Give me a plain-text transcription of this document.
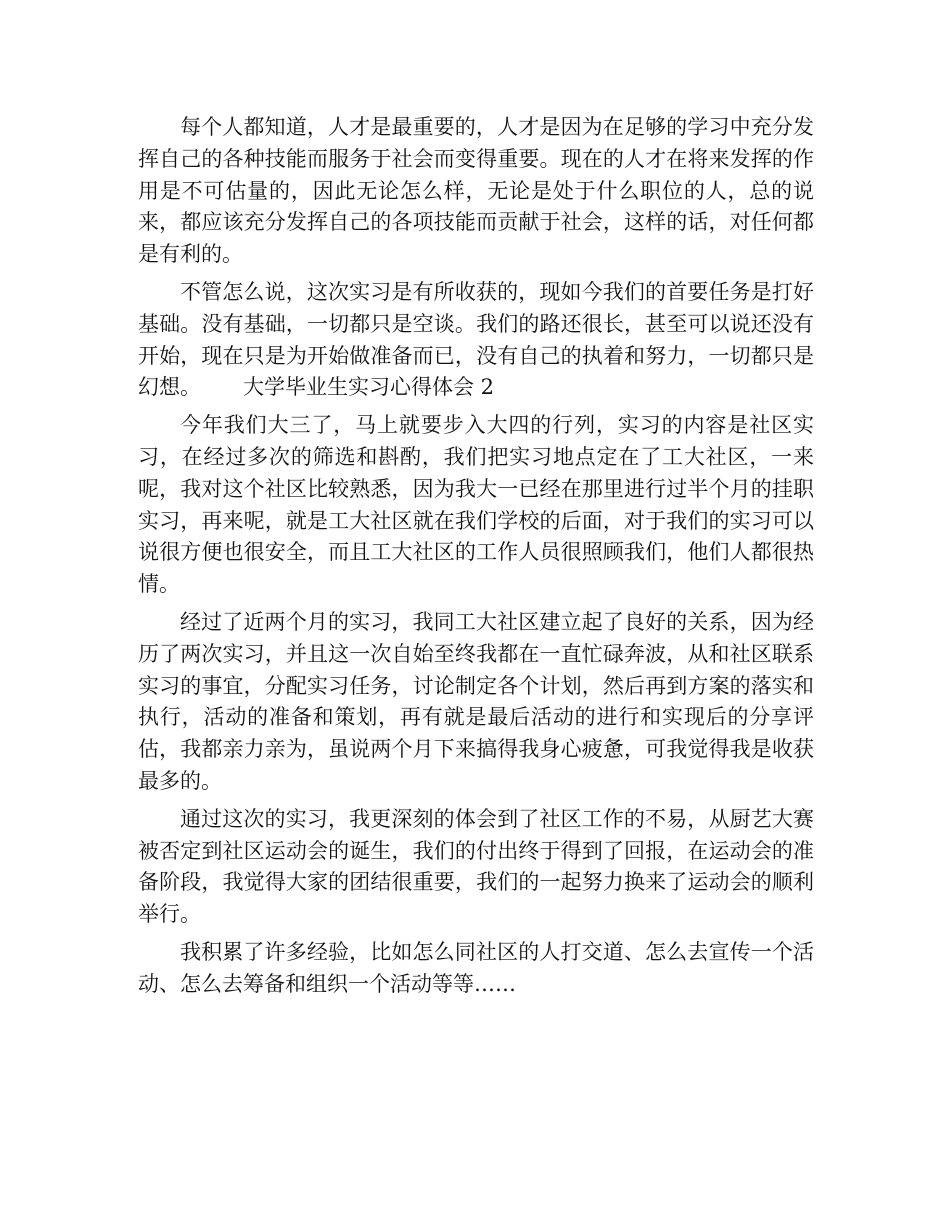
每个人都知道，人才是最重要的，人才是因为在足够的学习中充分发挥自己的各种技能而服务于社会而变得重要。现在的人才在将来发挥的作用是不可估量的，因此无论怎么样，无论是处于什么职位的人，总的说来，都应该充分发挥自己的各项技能而贡献于社会，这样的话，对任何都是有利的。

不管怎么说，这次实习是有所收获的，现如今我们的首要任务是打好基础。没有基础，一切都只是空谈。我们的路还很长，甚至可以说还没有开始，现在只是为开始做准备而已，没有自己的执着和努力，一切都只是幻想。 大学毕业生实习心得体会 2

今年我们大三了，马上就要步入大四的行列，实习的内容是社区实习，在经过多次的筛选和斟酌，我们把实习地点定在了工大社区，一来呢，我对这个社区比较熟悉，因为我大一已经在那里进行过半个月的挂职实习，再来呢，就是工大社区就在我们学校的后面，对于我们的实习可以说很方便也很安全，而且工大社区的工作人员很照顾我们，他们人都很热情。

经过了近两个月的实习，我同工大社区建立起了良好的关系，因为经历了两次实习，并且这一次自始至终我都在一直忙碌奔波，从和社区联系实习的事宜，分配实习任务，讨论制定各个计划，然后再到方案的落实和执行，活动的准备和策划，再有就是最后活动的进行和实现后的分享评估，我都亲力亲为，虽说两个月下来搞得我身心疲惫，可我觉得我是收获最多的。

通过这次的实习，我更深刻的体会到了社区工作的不易，从厨艺大赛被否定到社区运动会的诞生，我们的付出终于得到了回报，在运动会的准备阶段，我觉得大家的团结很重要，我们的一起努力换来了运动会的顺利举行。

我积累了许多经验，比如怎么同社区的人打交道、怎么去宣传一个活动、怎么去筹备和组织一个活动等等……
